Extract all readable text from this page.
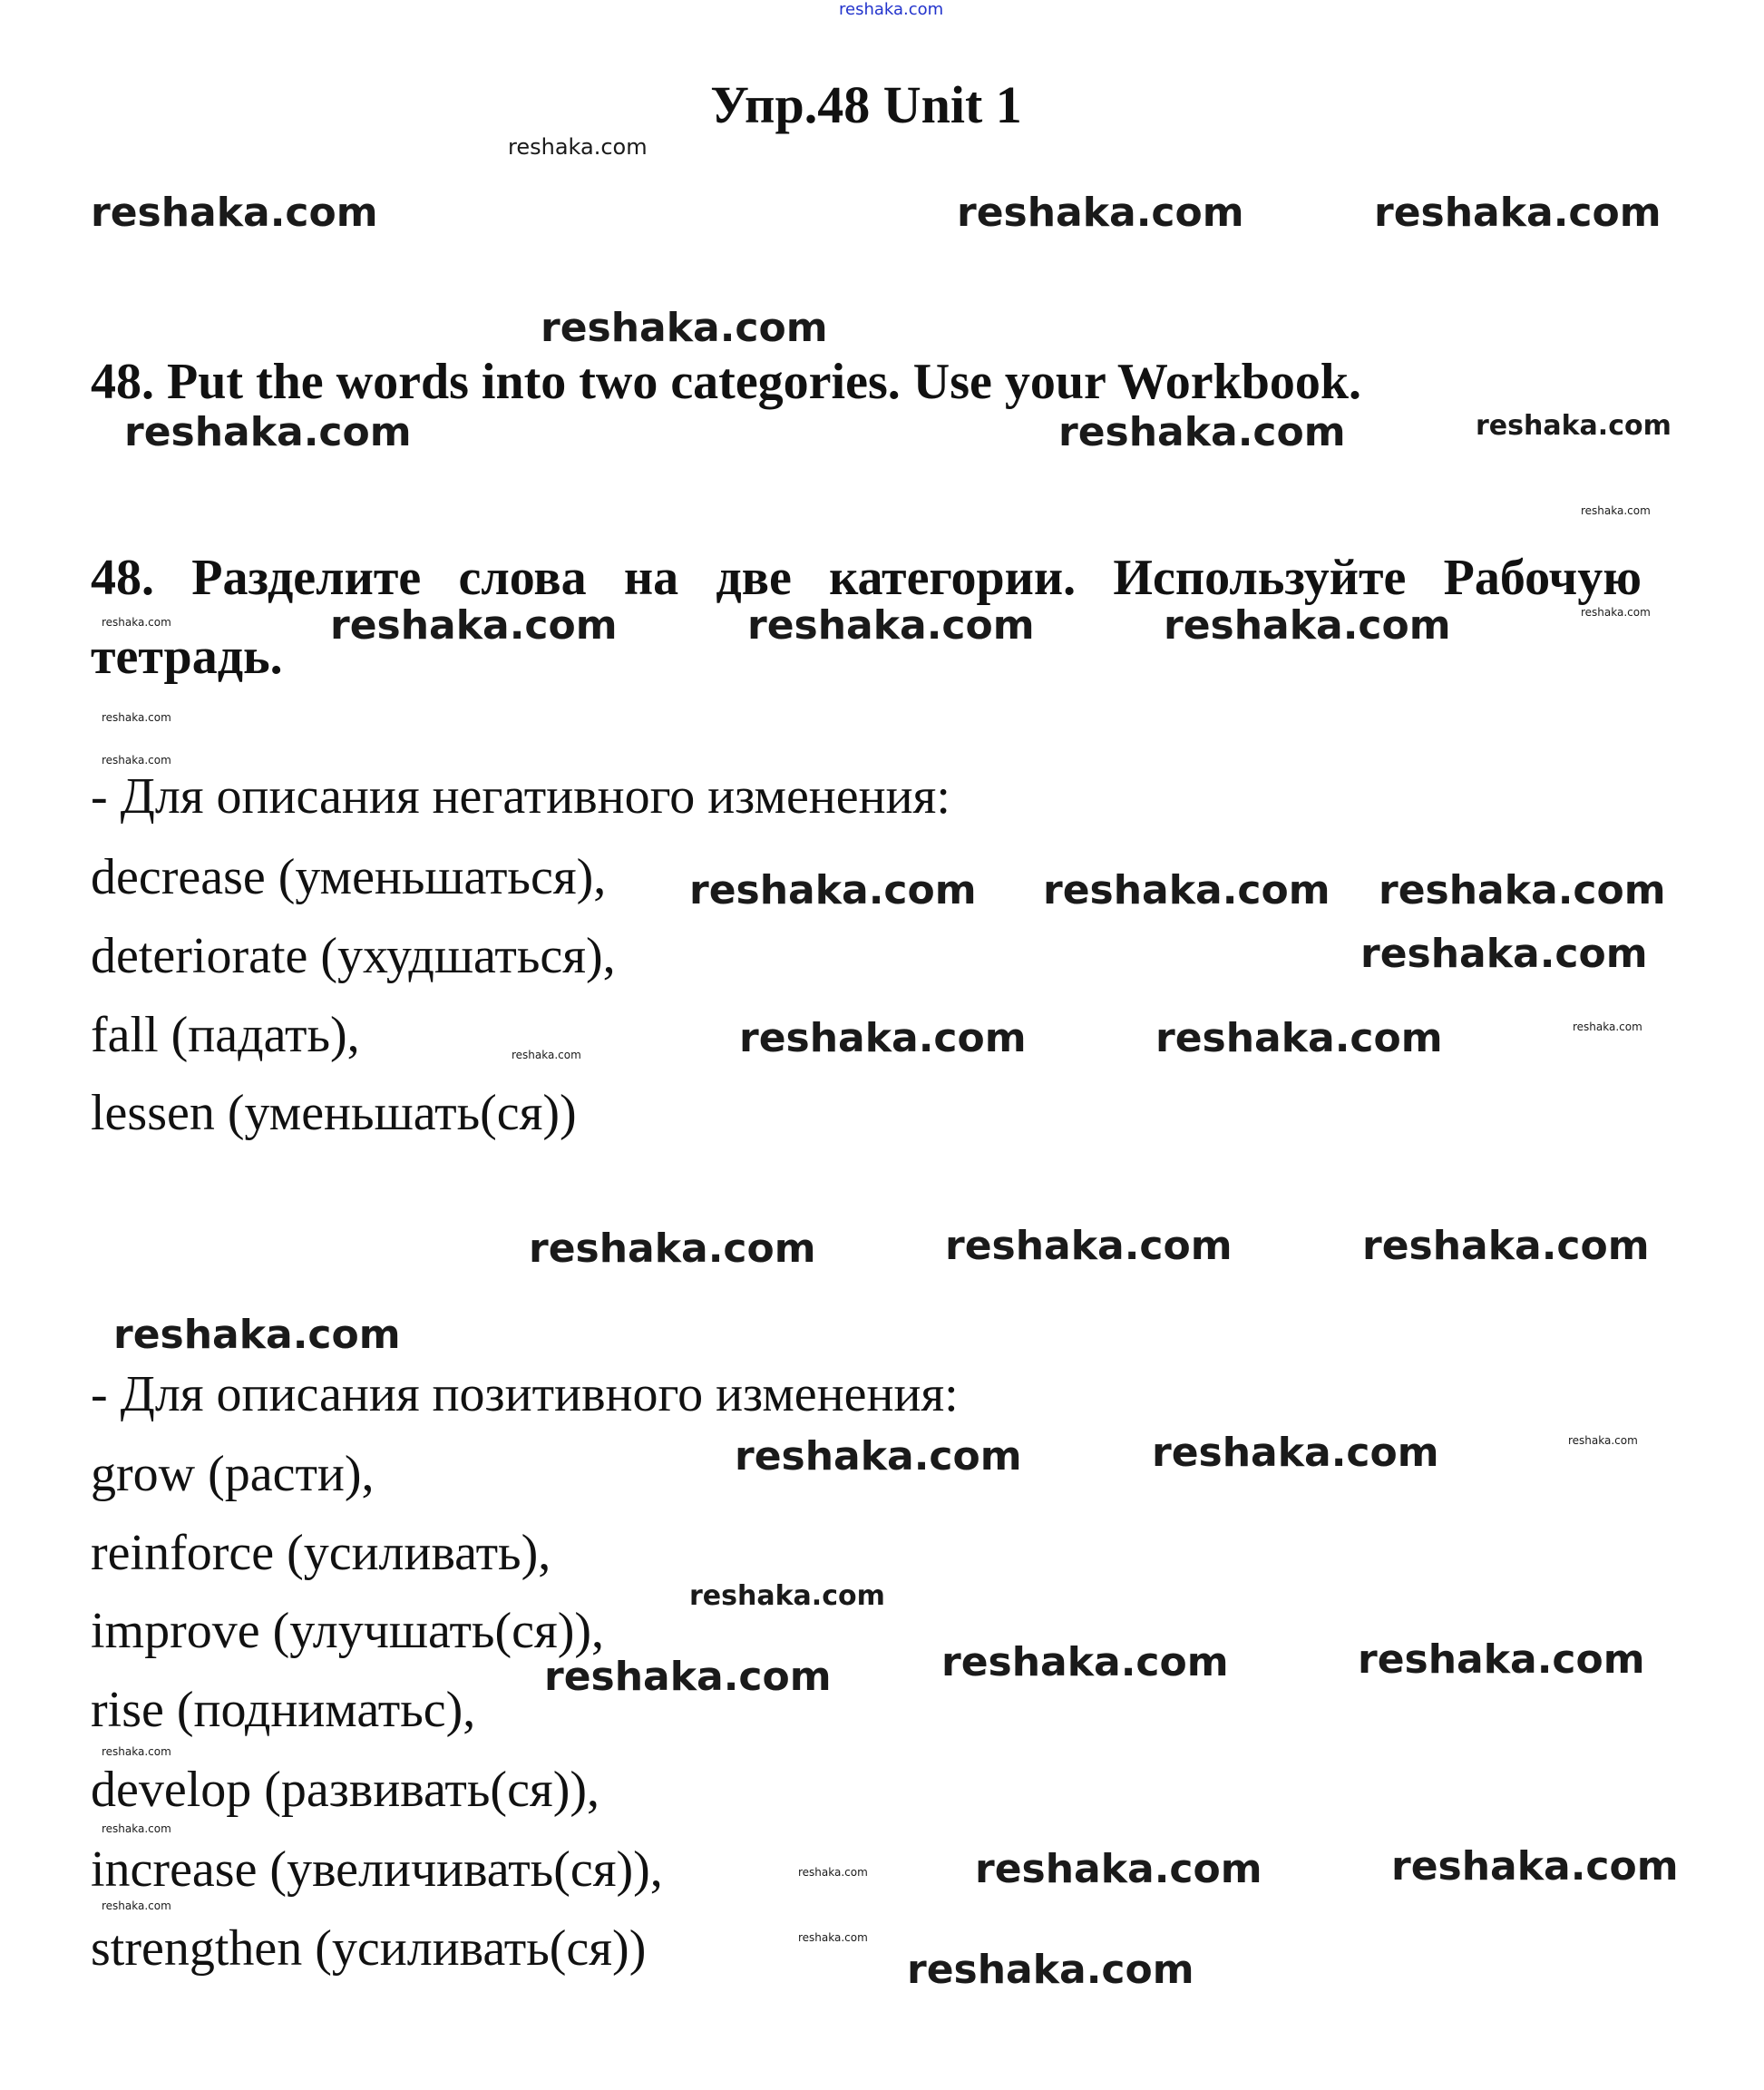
Упр.48 Unit 1
48. Put the words into two categories. Use your Workbook.
48. Разделите слова на две категории. Используйте Рабочую
тетрадь.
- Для описания негативного изменения:
decrease (уменьшаться),
deteriorate (ухудшаться),
fall (падать),
lessen (уменьшать(ся))
- Для описания позитивного изменения:
grow (расти),
reinforce (усиливать),
improve (улучшать(ся)),
rise (подниматьс),
develop (развивать(ся)),
increase (увеличивать(ся)),
strengthen (усиливать(ся))
reshaka.com
reshaka.com
reshaka.com	reshaka.com	reshaka.com
reshaka.com
reshaka.com	reshaka.com	reshaka.com
reshaka.com
reshaka.com
reshaka.com
reshaka.com
reshaka.com
reshaka.com	reshaka.com	reshaka.com
reshaka.com reshaka.com reshaka.com
reshaka.com
reshaka.com	reshaka.com	reshaka.com	reshaka.com
reshaka.com	reshaka.com	reshaka.com
reshaka.com
reshaka.com	reshaka.com	reshaka.com
reshaka.com
reshaka.com	reshaka.com	reshaka.com
reshaka.com
reshaka.com
reshaka.com
reshaka.com
reshaka.com
reshaka.com	reshaka.com
reshaka.com
